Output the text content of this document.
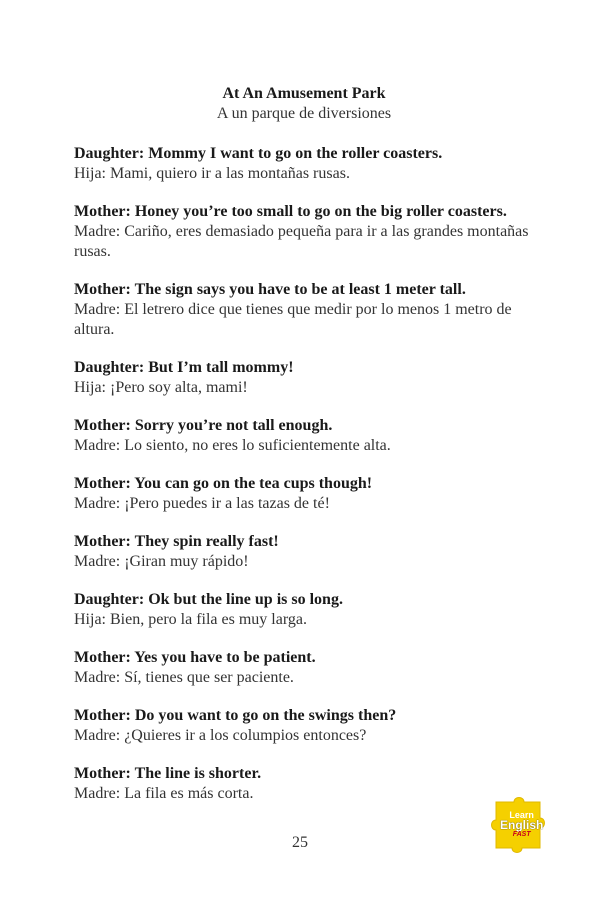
At An Amusement Park

A un parque de diversiones

Daughter: Mommy I want to go on the roller coasters.

Hija: Mami, quiero ir a las montañas rusas.

Mother: Honey you’re too small to go on the big roller coasters.

Madre: Cariño, eres demasiado pequeña para ir a las grandes montañas rusas.

Mother: The sign says you have to be at least 1 meter tall.

Madre: El letrero dice que tienes que medir por lo menos 1 metro de altura.

Daughter: But I’m tall mommy!

Hija: ¡Pero soy alta, mami!

Mother: Sorry you’re not tall enough.

Madre: Lo siento, no eres lo suficientemente alta.

Mother: You can go on the tea cups though!

Madre: ¡Pero puedes ir a las tazas de té!

Mother: They spin really fast!

Madre: ¡Giran muy rápido!

Daughter: Ok but the line up is so long.

Hija: Bien, pero la fila es muy larga.

Mother: Yes you have to be patient.

Madre: Sí, tienes que ser paciente.

Mother: Do you want to go on the swings then?

Madre: ¿Quieres ir a los columpios entonces?

Mother: The line is shorter.

Madre: La fila es más corta.

25
Learn
English
FAST
